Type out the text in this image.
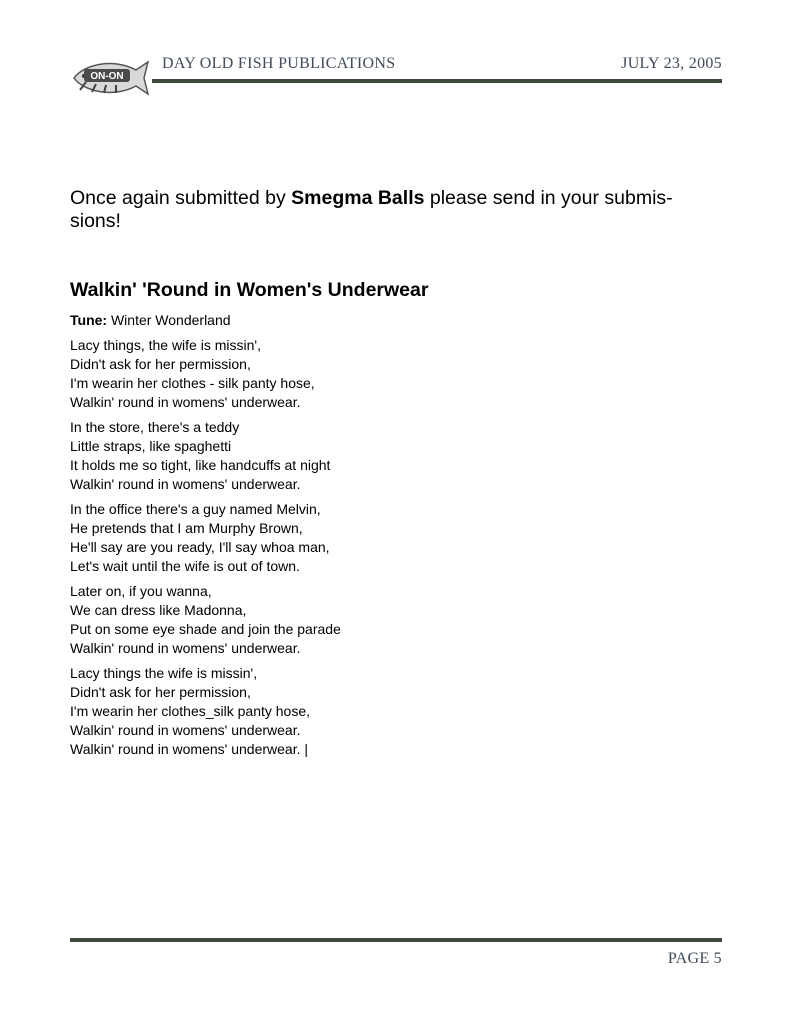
ON-ON
DAY OLD FISH PUBLICATIONS	JULY 23, 2005

Once again submitted by Smegma Balls please send in your submis-
sions!

Walkin' 'Round in Women's Underwear

Tune: Winter Wonderland

Lacy things, the wife is missin',
Didn't ask for her permission,
I'm wearin her clothes - silk panty hose,
Walkin' round in womens' underwear.
In the store, there's a teddy
Little straps, like spaghetti
It holds me so tight, like handcuffs at night
Walkin' round in womens' underwear.
In the office there's a guy named Melvin,
He pretends that I am Murphy Brown,
He'll say are you ready, I'll say whoa man,
Let's wait until the wife is out of town.
Later on, if you wanna,
We can dress like Madonna,
Put on some eye shade and join the parade
Walkin' round in womens' underwear.
Lacy things the wife is missin',
Didn't ask for her permission,
I'm wearin her clothes_silk panty hose,
Walkin' round in womens' underwear.
Walkin' round in womens' underwear. |
PAGE 5
